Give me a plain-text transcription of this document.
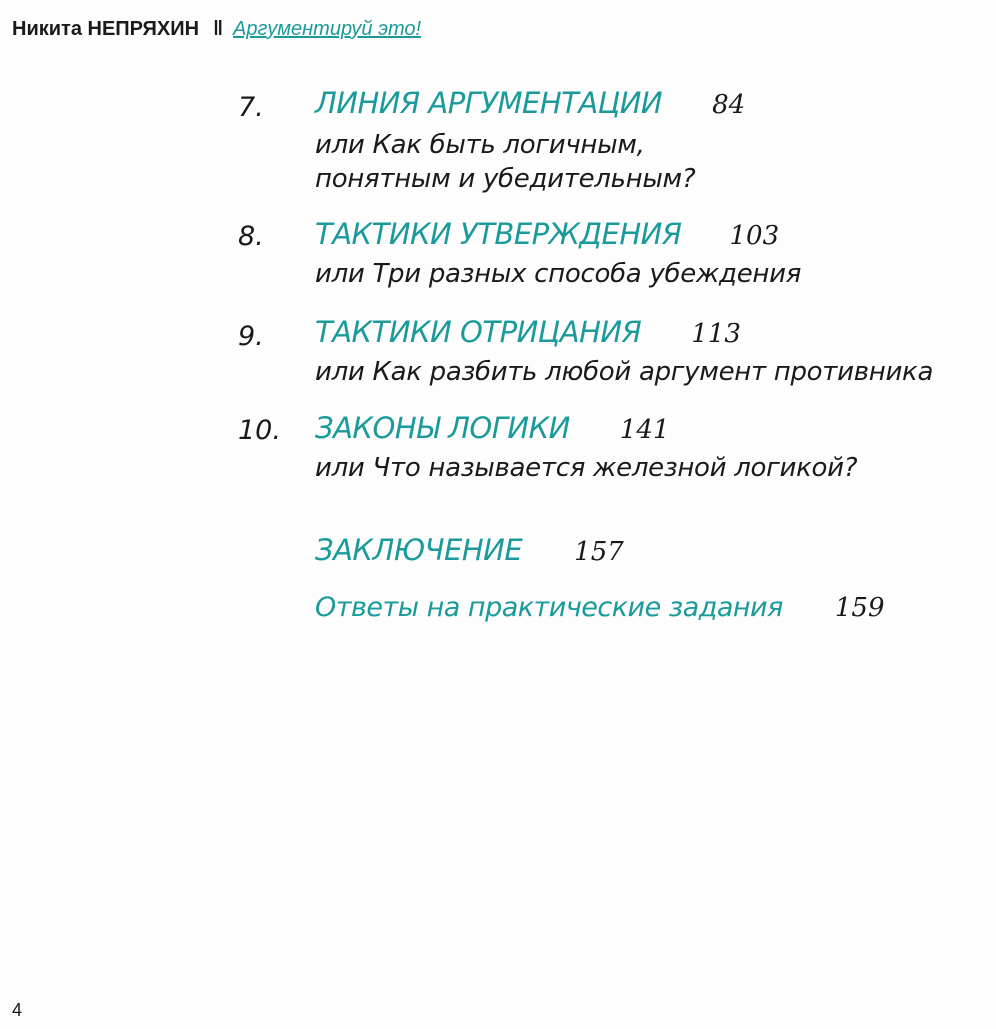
Никита НЕПРЯХИН ‖ Аргументируй это!
7. ЛИНИЯ АРГУМЕНТАЦИИ 84
или Как быть логичным,
понятным и убедительным?
8. ТАКТИКИ УТВЕРЖДЕНИЯ 103
или Три разных способа убеждения
9. ТАКТИКИ ОТРИЦАНИЯ 113
или Как разбить любой аргумент противника
10. ЗАКОНЫ ЛОГИКИ 141
или Что называется железной логикой?
ЗАКЛЮЧЕНИЕ 157
Ответы на практические задания 159
4
